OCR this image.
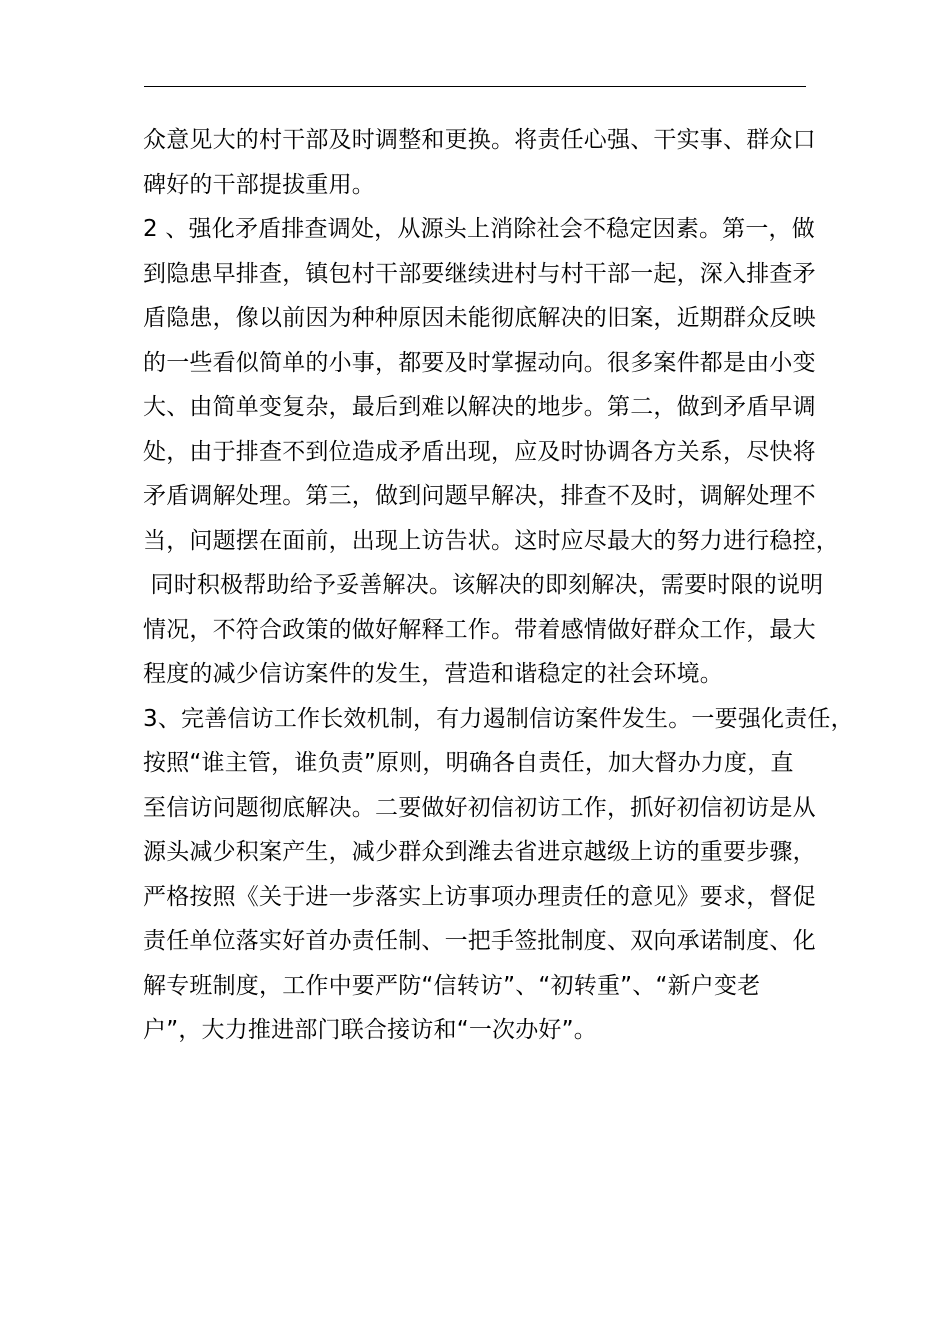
众意见大的村干部及时调整和更换。将责任心强、干实事、群众口
碑好的干部提拔重用。
2 、强化矛盾排查调处，从源头上消除社会不稳定因素。第一，做
到隐患早排查，镇包村干部要继续进村与村干部一起，深入排查矛
盾隐患，像以前因为种种原因未能彻底解决的旧案，近期群众反映
的一些看似简单的小事，都要及时掌握动向。很多案件都是由小变
大、由简单变复杂，最后到难以解决的地步。第二，做到矛盾早调
处，由于排查不到位造成矛盾出现，应及时协调各方关系，尽快将
矛盾调解处理。第三，做到问题早解决，排查不及时，调解处理不
当，问题摆在面前，出现上访告状。这时应尽最大的努力进行稳控，
同时积极帮助给予妥善解决。该解决的即刻解决，需要时限的说明
情况，不符合政策的做好解释工作。带着感情做好群众工作，最大
程度的减少信访案件的发生，营造和谐稳定的社会环境。
3、完善信访工作长效机制，有力遏制信访案件发生。一要强化责任，
按照“谁主管，谁负责”原则，明确各自责任，加大督办力度，直
至信访问题彻底解决。二要做好初信初访工作，抓好初信初访是从
源头减少积案产生，减少群众到潍去省进京越级上访的重要步骤，
严格按照《关于进一步落实上访事项办理责任的意见》要求，督促
责任单位落实好首办责任制、一把手签批制度、双向承诺制度、化
解专班制度，工作中要严防“信转访”、“初转重”、“新户变老
户”，大力推进部门联合接访和“一次办好”。
